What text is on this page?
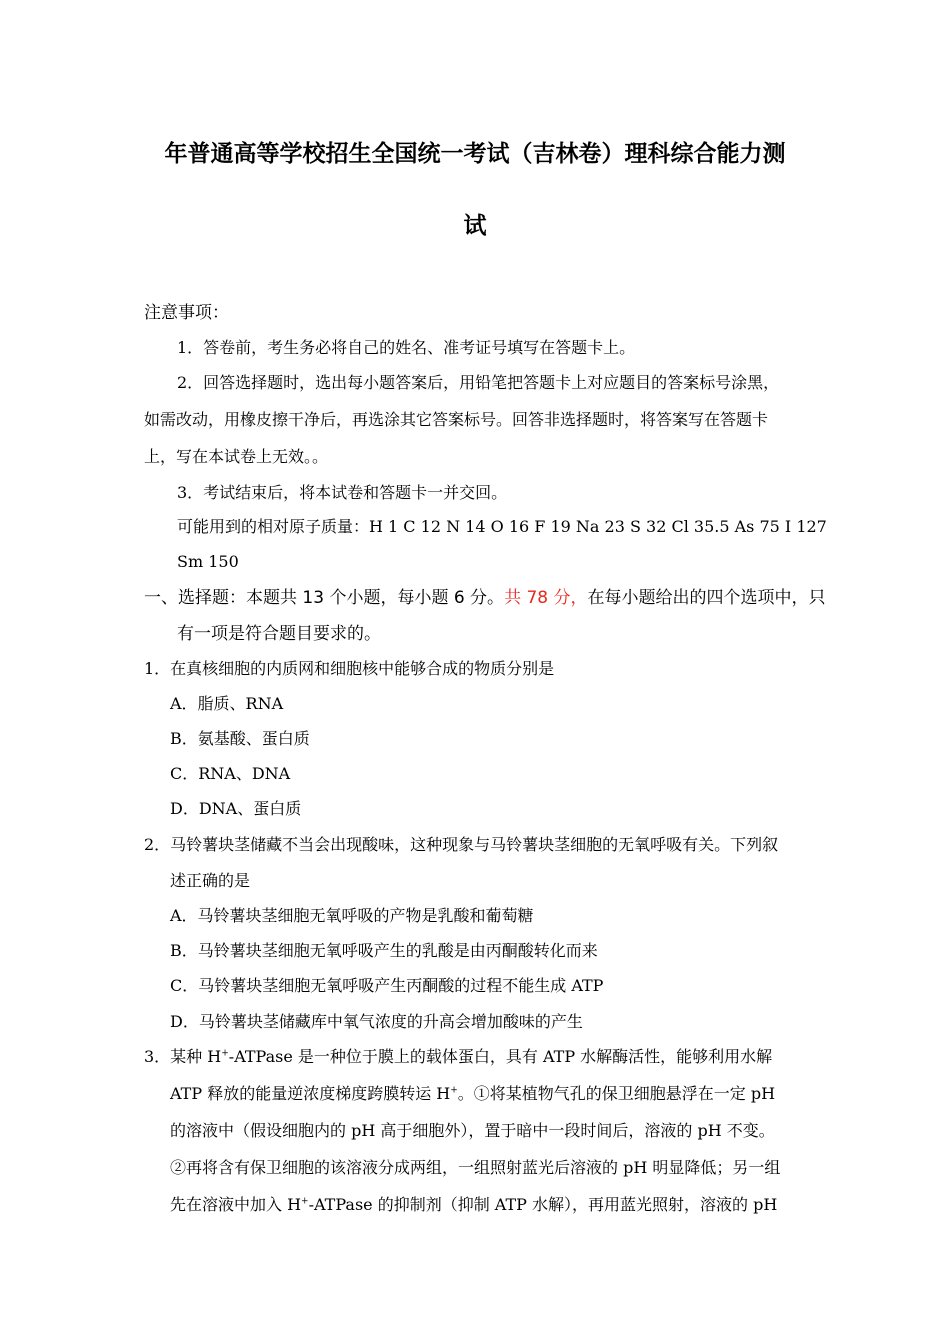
年普通高等学校招生全国统一考试（吉林卷）理科综合能力测
试
注意事项：
1．答卷前，考生务必将自己的姓名、准考证号填写在答题卡上。
2．回答选择题时，选出每小题答案后，用铅笔把答题卡上对应题目的答案标号涂黑，
如需改动，用橡皮擦干净后，再选涂其它答案标号。回答非选择题时，将答案写在答题卡
上，写在本试卷上无效。。
3．考试结束后，将本试卷和答题卡一并交回。
可能用到的相对原子质量：H 1 C 12 N 14 O 16 F 19 Na 23 S 32 Cl 35.5 As 75 I 127
Sm 150
一、选择题：本题共 13 个小题，每小题 6 分。共 78 分，在每小题给出的四个选项中，只
有一项是符合题目要求的。
1．在真核细胞的内质网和细胞核中能够合成的物质分别是
A．脂质、RNA
B．氨基酸、蛋白质
C．RNA、DNA
D．DNA、蛋白质
2．马铃薯块茎储藏不当会出现酸味，这种现象与马铃薯块茎细胞的无氧呼吸有关。下列叙
述正确的是
A．马铃薯块茎细胞无氧呼吸的产物是乳酸和葡萄糖
B．马铃薯块茎细胞无氧呼吸产生的乳酸是由丙酮酸转化而来
C．马铃薯块茎细胞无氧呼吸产生丙酮酸的过程不能生成 ATP
D．马铃薯块茎储藏库中氧气浓度的升高会增加酸味的产生
3．某种 H+-ATPase 是一种位于膜上的载体蛋白，具有 ATP 水解酶活性，能够利用水解
ATP 释放的能量逆浓度梯度跨膜转运 H+。①将某植物气孔的保卫细胞悬浮在一定 pH
的溶液中（假设细胞内的 pH 高于细胞外），置于暗中一段时间后，溶液的 pH 不变。
②再将含有保卫细胞的该溶液分成两组，一组照射蓝光后溶液的 pH 明显降低；另一组
先在溶液中加入 H+-ATPase 的抑制剂（抑制 ATP 水解），再用蓝光照射，溶液的 pH
